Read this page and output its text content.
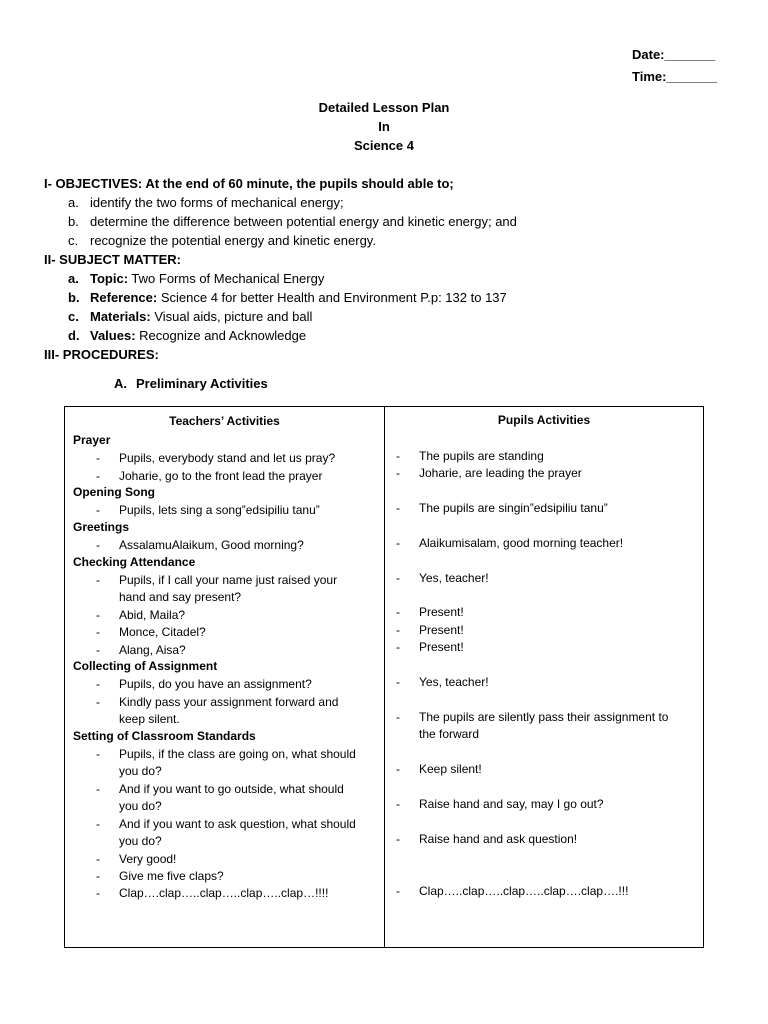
Date:_______
Time:_______
Detailed Lesson Plan
In
Science 4
I- OBJECTIVES: At the end of 60 minute, the pupils should able to;
a. identify the two forms of mechanical energy;
b. determine the difference between potential energy and kinetic energy; and
c. recognize the potential energy and kinetic energy.
II- SUBJECT MATTER:
a. Topic: Two Forms of Mechanical Energy
b. Reference: Science 4 for better Health and Environment P.p: 132 to 137
c. Materials: Visual aids, picture and ball
d. Values: Recognize and Acknowledge
III- PROCEDURES:
A. Preliminary Activities
Teachers’ Activities	Pupils Activities
Prayer
- Pupils, everybody stand and let us pray?
- Joharie, go to the front lead the prayer
Opening Song
- Pupils, lets sing a song”edsipiliu tanu”
Greetings
- AssalamuAlaikum, Good morning?
Checking Attendance
- Pupils, if I call your name just raised your
hand and say present?
- Abid, Maila?
- Monce, Citadel?
- Alang, Aisa?
Collecting of Assignment
- Pupils, do you have an assignment?
- Kindly pass your assignment forward and
keep silent.
Setting of Classroom Standards
- Pupils, if the class are going on, what should
you do?
- And if you want to go outside, what should
you do?
- And if you want to ask question, what should
you do?
- Very good!
- Give me five claps?
- Clap….clap…..clap…..clap…..clap…!!!!
- The pupils are standing
- Joharie, are leading the prayer
- The pupils are singin”edsipiliu tanu”
- Alaikumisalam, good morning teacher!
- Yes, teacher!
- Present!
- Present!
- Present!
- Yes, teacher!
- The pupils are silently pass their assignment to
the forward
- Keep silent!
- Raise hand and say, may I go out?
- Raise hand and ask question!
- Clap…..clap…..clap…..clap….clap….!!!
